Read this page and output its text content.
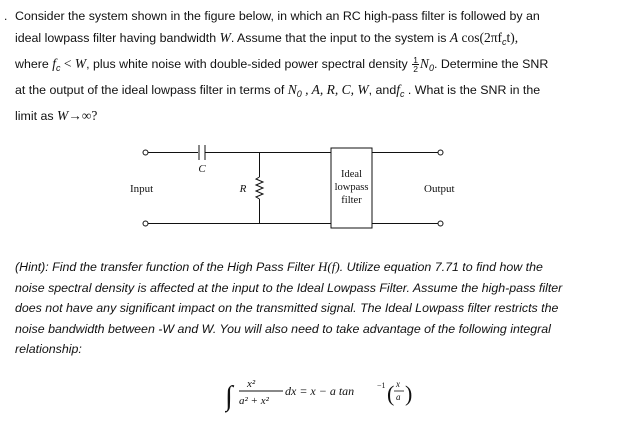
. Consider the system shown in the figure below, in which an RC high-pass filter is followed by an
ideal lowpass filter having bandwidth W. Assume that the input to the system is A $\cos(2\pi f_ct)$,
where $f_c < W$, plus white noise with double-sided power spectral density $\frac{1}{2} N_0$. Determine the SNR
at the output of the ideal lowpass filter in terms of $N_0$ , A, R, C, W, andf$_c$ . What is the SNR in the
limit as W→∞?
C
R
Input	Output
Ideal
lowpass
filter
(Hint): Find the transfer function of the High Pass Filter H(f). Utilize equation 7.71 to find how the
noise spectral density is affected at the input to the Ideal Lowpass Filter. Assume the high-pass filter
does not have any significant impact on the transmitted signal. The Ideal Lowpass filter restricts the
noise bandwidth between -W and W. You will also need to take advantage of the following integral
relationship:
∫ x²
a² + x²
dx = x − a tan	−1 ( x
a )
